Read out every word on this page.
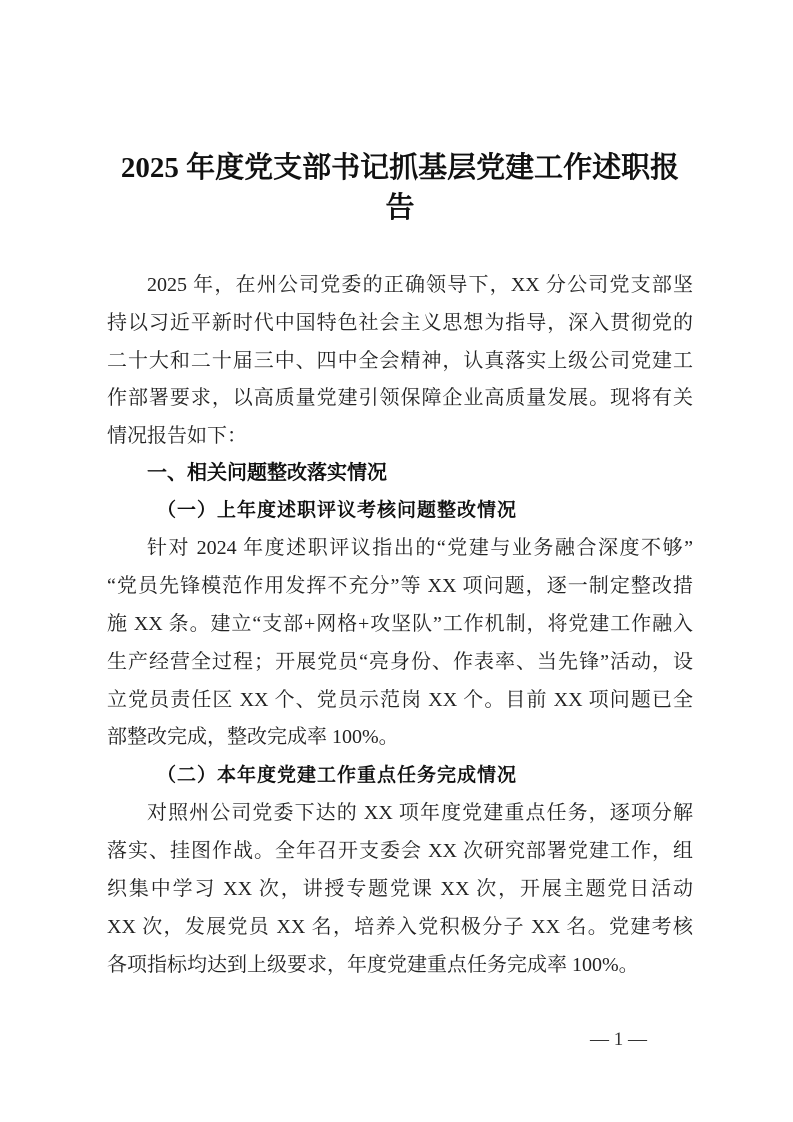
2025 年度党支部书记抓基层党建工作述职报
告
2025 年，在州公司党委的正确领导下，XX 分公司党支部坚
持以习近平新时代中国特色社会主义思想为指导，深入贯彻党的
二十大和二十届三中、四中全会精神，认真落实上级公司党建工
作部署要求，以高质量党建引领保障企业高质量发展。现将有关
情况报告如下：
一、相关问题整改落实情况
（一）上年度述职评议考核问题整改情况
针对 2024 年度述职评议指出的“党建与业务融合深度不够”
“党员先锋模范作用发挥不充分”等 XX 项问题，逐一制定整改措
施 XX 条。建立“支部+网格+攻坚队”工作机制，将党建工作融入
生产经营全过程；开展党员“亮身份、作表率、当先锋”活动，设
立党员责任区 XX 个、党员示范岗 XX 个。目前 XX 项问题已全
部整改完成，整改完成率 100%。
（二）本年度党建工作重点任务完成情况
对照州公司党委下达的 XX 项年度党建重点任务，逐项分解
落实、挂图作战。全年召开支委会 XX 次研究部署党建工作，组
织集中学习 XX 次，讲授专题党课 XX 次，开展主题党日活动
XX 次，发展党员 XX 名，培养入党积极分子 XX 名。党建考核
各项指标均达到上级要求，年度党建重点任务完成率 100%。
— 1 —
